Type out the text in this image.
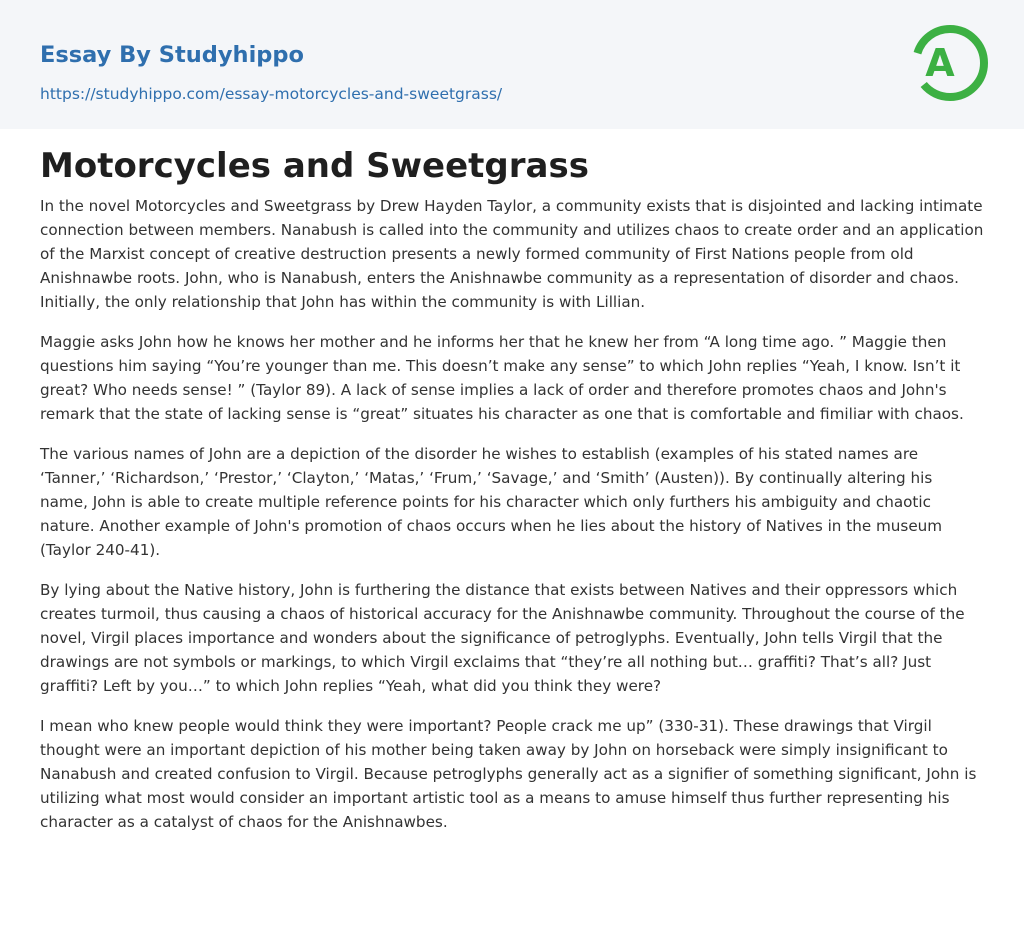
Essay By Studyhippo
https://studyhippo.com/essay-motorcycles-and-sweetgrass/
A
Motorcycles and Sweetgrass

In the novel Motorcycles and Sweetgrass by Drew Hayden Taylor, a community exists that is disjointed and lacking intimate connection between members. Nanabush is called into the community and utilizes chaos to create order and an application of the Marxist concept of creative destruction presents a newly formed community of First Nations people from old Anishnawbe roots. John, who is Nanabush, enters the Anishnawbe community as a representation of disorder and chaos. Initially, the only relationship that John has within the community is with Lillian.

Maggie asks John how he knows her mother and he informs her that he knew her from “A long time ago. ” Maggie then questions him saying “You’re younger than me. This doesn’t make any sense” to which John replies “Yeah, I know. Isn’t it great? Who needs sense! ” (Taylor 89). A lack of sense implies a lack of order and therefore promotes chaos and John's remark that the state of lacking sense is “great” situates his character as one that is comfortable and fimiliar with chaos.

The various names of John are a depiction of the disorder he wishes to establish (examples of his stated names are ‘Tanner,’ ‘Richardson,’ ‘Prestor,’ ‘Clayton,’ ‘Matas,’ ‘Frum,’ ‘Savage,’ and ‘Smith’ (Austen)). By continually altering his name, John is able to create multiple reference points for his character which only furthers his ambiguity and chaotic nature. Another example of John's promotion of chaos occurs when he lies about the history of Natives in the museum (Taylor 240-41).

By lying about the Native history, John is furthering the distance that exists between Natives and their oppressors which creates turmoil, thus causing a chaos of historical accuracy for the Anishnawbe community. Throughout the course of the novel, Virgil places importance and wonders about the significance of petroglyphs. Eventually, John tells Virgil that the drawings are not symbols or markings, to which Virgil exclaims that “they’re all nothing but… graffiti? That’s all? Just graffiti? Left by you…” to which John replies “Yeah, what did you think they were?

I mean who knew people would think they were important? People crack me up” (330-31). These drawings that Virgil thought were an important depiction of his mother being taken away by John on horseback were simply insignificant to Nanabush and created confusion to Virgil. Because petroglyphs generally act as a signifier of something significant, John is utilizing what most would consider an important artistic tool as a means to amuse himself thus further representing his character as a catalyst of chaos for the Anishnawbes.
